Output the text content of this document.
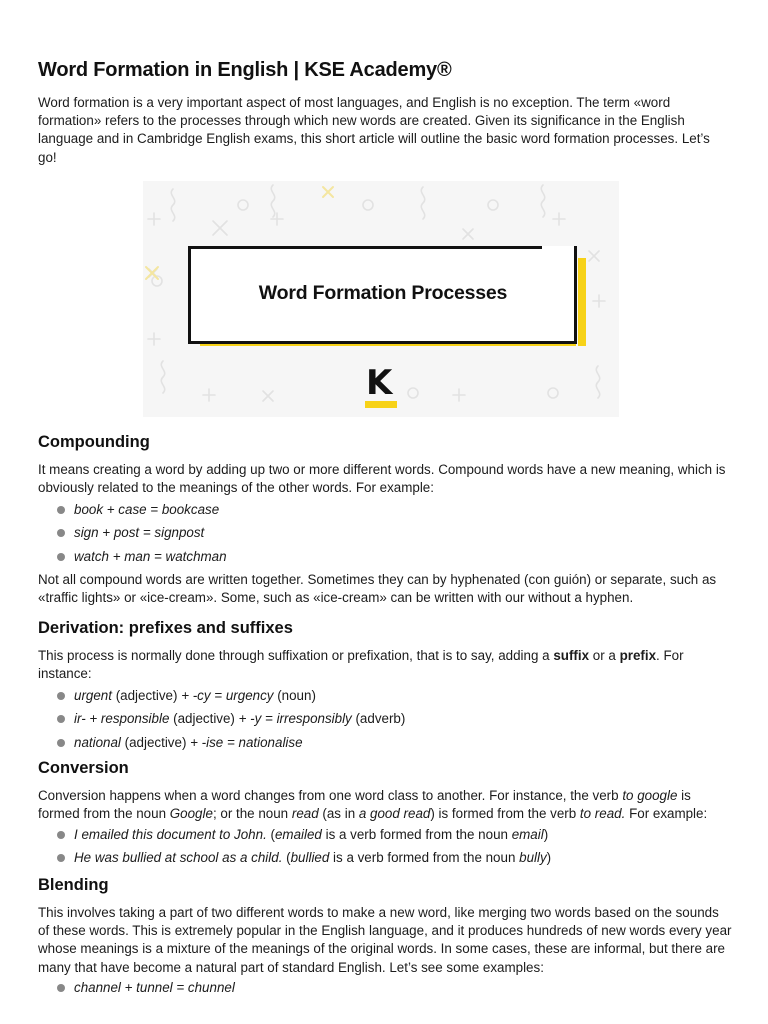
Word Formation in English | KSE Academy®

Word formation is a very important aspect of most languages, and English is no exception. The term «word formation» refers to the processes through which new words are created. Given its significance in the English language and in Cambridge English exams, this short article will outline the basic word formation processes. Let’s go!

Word Formation Processes
K
Compounding

It means creating a word by adding up two or more different words. Compound words have a new meaning, which is obviously related to the meanings of the other words. For example:

book + case = bookcase
sign + post = signpost
watch + man = watchman

Not all compound words are written together. Sometimes they can by hyphenated (con guión) or separate, such as «traffic lights» or «ice-cream». Some, such as «ice-cream» can be written with our without a hyphen.

Derivation: prefixes and suffixes

This process is normally done through suffixation or prefixation, that is to say, adding a suffix or a prefix. For instance:

urgent (adjective) + -cy = urgency (noun)
ir- + responsible (adjective) + -y = irresponsibly (adverb)
national (adjective) + -ise = nationalise
Conversion

Conversion happens when a word changes from one word class to another. For instance, the verb to google is formed from the noun Google; or the noun read (as in a good read) is formed from the verb to read. For example:

I emailed this document to John. (emailed is a verb formed from the noun email)
He was bullied at school as a child. (bullied is a verb formed from the noun bully)
Blending

This involves taking a part of two different words to make a new word, like merging two words based on the sounds of these words. This is extremely popular in the English language, and it produces hundreds of new words every year whose meanings is a mixture of the meanings of the original words. In some cases, these are informal, but there are many that have become a natural part of standard English. Let’s see some examples:

channel + tunnel = chunnel
